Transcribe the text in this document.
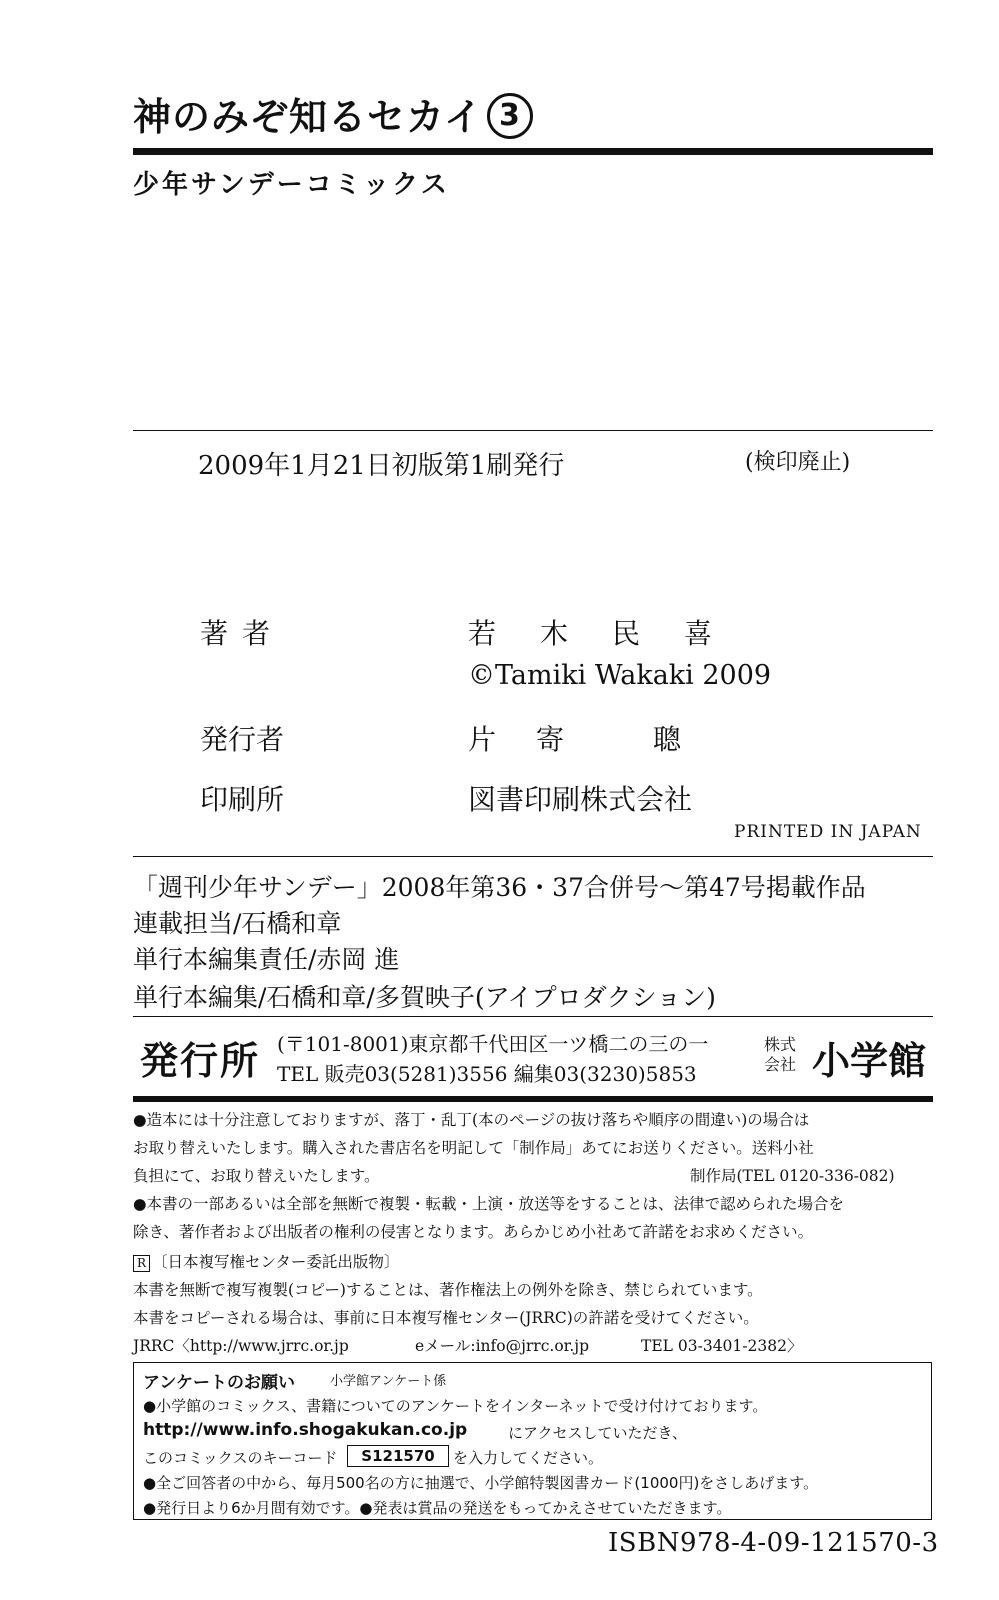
神のみぞ知るセカイ 3
少年サンデーコミックス
2009年1月21日初版第1刷発行	(検印廃止)
著者	若木民喜
©Tamiki Wakaki 2009
発行者	片寄 聰
印刷所	図書印刷株式会社
PRINTED IN JAPAN
「週刊少年サンデー」2008年第36・37合併号〜第47号掲載作品
連載担当/石橋和章
単行本編集責任/赤岡 進
単行本編集/石橋和章/多賀映子(アイプロダクション)
発行所 (〒101-8001)東京都千代田区一ツ橋二の三の一
TEL 販売03(5281)3556 編集03(3230)5853
株式会社 小学館
●造本には十分注意しておりますが、落丁・乱丁(本のページの抜け落ちや順序の間違い)の場合は
お取り替えいたします。購入された書店名を明記して「制作局」あてにお送りください。送料小社
負担にて、お取り替えいたします。	制作局(TEL 0120-336-082)
●本書の一部あるいは全部を無断で複製・転載・上演・放送等をすることは、法律で認められた場合を
除き、著作者および出版者の権利の侵害となります。あらかじめ小社あて許諾をお求めください。
R 〔日本複写権センター委託出版物〕
本書を無断で複写複製(コピー)することは、著作権法上の例外を除き、禁じられています。
本書をコピーされる場合は、事前に日本複写権センター(JRRC)の許諾を受けてください。
JRRC〈http://www.jrrc.or.jp	eメール:info@jrrc.or.jp	TEL 03-3401-2382〉
アンケートのお願い	小学館アンケート係
●小学館のコミックス、書籍についてのアンケートをインターネットで受け付けております。
http://www.info.shogakukan.co.jp	にアクセスしていただき、
このコミックスのキーコード	S121570	を入力してください。
●全ご回答者の中から、毎月500名の方に抽選で、小学館特製図書カード(1000円)をさしあげます。
●発行日より6か月間有効です。●発表は賞品の発送をもってかえさせていただきます。
ISBN978-4-09-121570-3
